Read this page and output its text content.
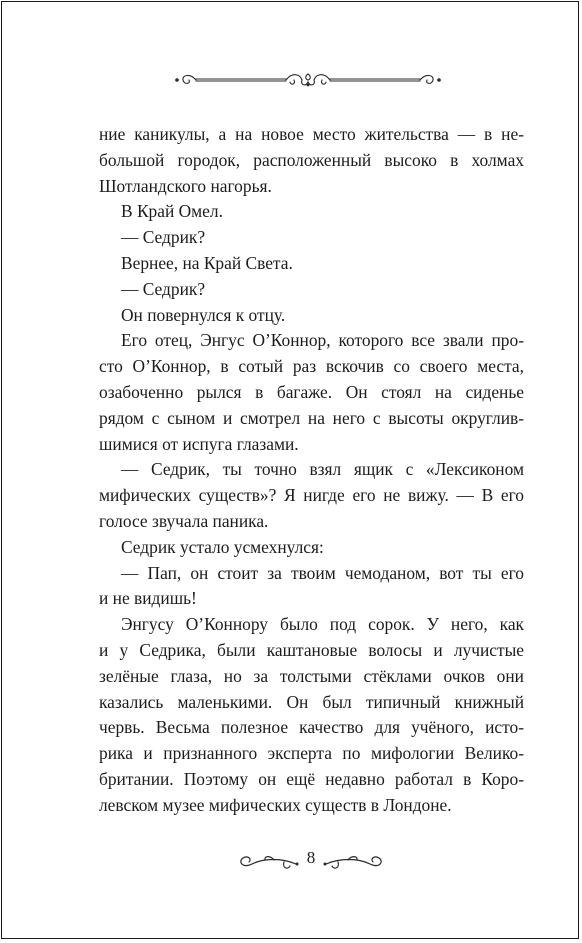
ние каникулы, а на новое место жительства — в не-

большой городок, расположенный высоко в холмах

Шотландского нагорья.

В Край Омел.

— Седрик?

Вернее, на Край Света.

— Седрик?

Он повернулся к отцу.

Его отец, Энгус О’Коннор, которого все звали про-

сто О’Коннор, в сотый раз вскочив со своего места,

озабоченно рылся в багаже. Он стоял на сиденье

рядом с сыном и смотрел на него с высоты округлив-

шимися от испуга глазами.

— Седрик, ты точно взял ящик с «Лексиконом

мифических существ»? Я нигде его не вижу. — В его

голосе звучала паника.

Седрик устало усмехнулся:

— Пап, он стоит за твоим чемоданом, вот ты его

и не видишь!

Энгусу О’Коннору было под сорок. У него, как

и у Седрика, были каштановые волосы и лучистые

зелёные глаза, но за толстыми стёклами очков они

казались маленькими. Он был типичный книжный

червь. Весьма полезное качество для учёного, исто-

рика и признанного эксперта по мифологии Велико-

британии. Поэтому он ещё недавно работал в Коро-

левском музее мифических существ в Лондоне.

8
